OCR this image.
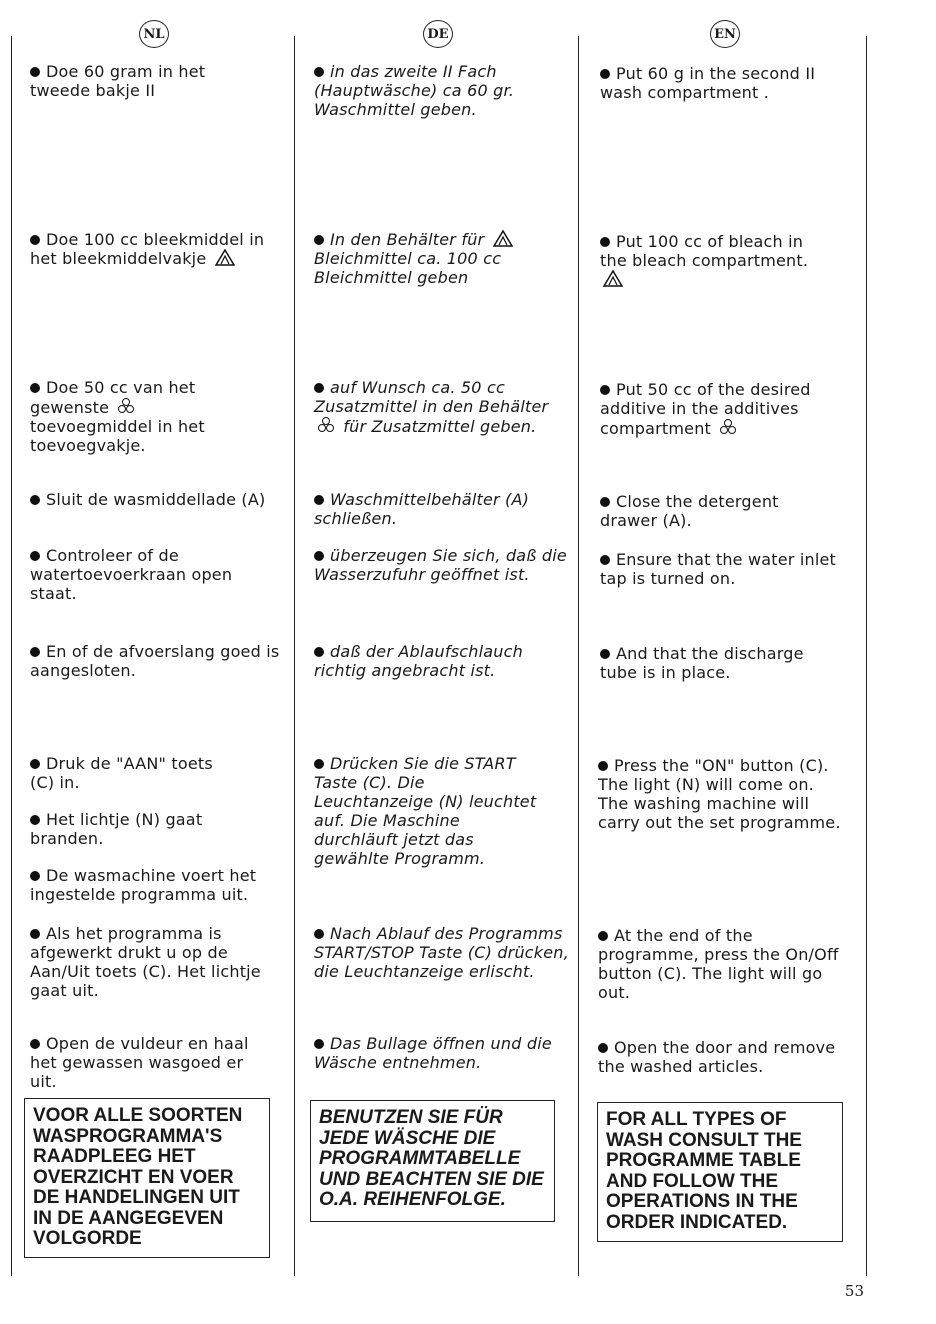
NL
Doe 60 gram in het tweede bakje II
Doe 100 cc bleekmiddel in het bleekmiddelvakje
Doe 50 cc van het gewenste
toevoegmiddel in het toevoegvakje.
Sluit de wasmiddellade (A)
Controleer of de watertoevoerkraan open staat.
En of de afvoerslang goed is aangesloten.
Druk de "AAN" toets (C) in.
Het lichtje (N) gaat branden.
De wasmachine voert het ingestelde programma uit.
Als het programma is afgewerkt drukt u op de Aan/Uit toets (C). Het lichtje gaat uit.
Open de vuldeur en haal het gewassen wasgoed er uit.
VOOR ALLE SOORTEN WASPROGRAMMA'S RAADPLEEG HET OVERZICHT EN VOER DE HANDELINGEN UIT IN DE AANGEGEVEN VOLGORDE
DE
in das zweite II Fach (Hauptwäsche) ca 60 gr. Waschmittel geben.
In den Behälter für
Bleichmittel ca. 100 cc Bleichmittel geben
auf Wunsch ca. 50 cc Zusatzmittel in den Behälter  für Zusatzmittel geben.
Waschmittelbehälter (A) schließen.
überzeugen Sie sich, daß die Wasserzufuhr geöffnet ist.
daß der Ablaufschlauch richtig angebracht ist.
Drücken Sie die START Taste (C). Die Leuchtanzeige (N) leuchtet auf. Die Maschine durchläuft jetzt das gewählte Programm.
Nach Ablauf des Programms START/STOP Taste (C) drücken, die Leuchtanzeige erlischt.
Das Bullage öffnen und die Wäsche entnehmen.
BENUTZEN SIE FÜR JEDE WÄSCHE DIE PROGRAMMTABELLE UND BEACHTEN SIE DIE O.A. REIHENFOLGE.
EN
Put 60 g in the second II wash compartment .
Put 100 cc of bleach in the bleach compartment.
Put 50 cc of the desired additive in the additives compartment
Close the detergent drawer (A).
Ensure that the water inlet tap is turned on.
And that the discharge tube is in place.
Press the "ON" button (C). The light (N) will come on. The washing machine will carry out the set programme.
At the end of the programme, press the On/Off button (C). The light will go out.
Open the door and remove the washed articles.
FOR ALL TYPES OF WASH CONSULT THE PROGRAMME TABLE AND FOLLOW THE OPERATIONS IN THE ORDER INDICATED.
53
